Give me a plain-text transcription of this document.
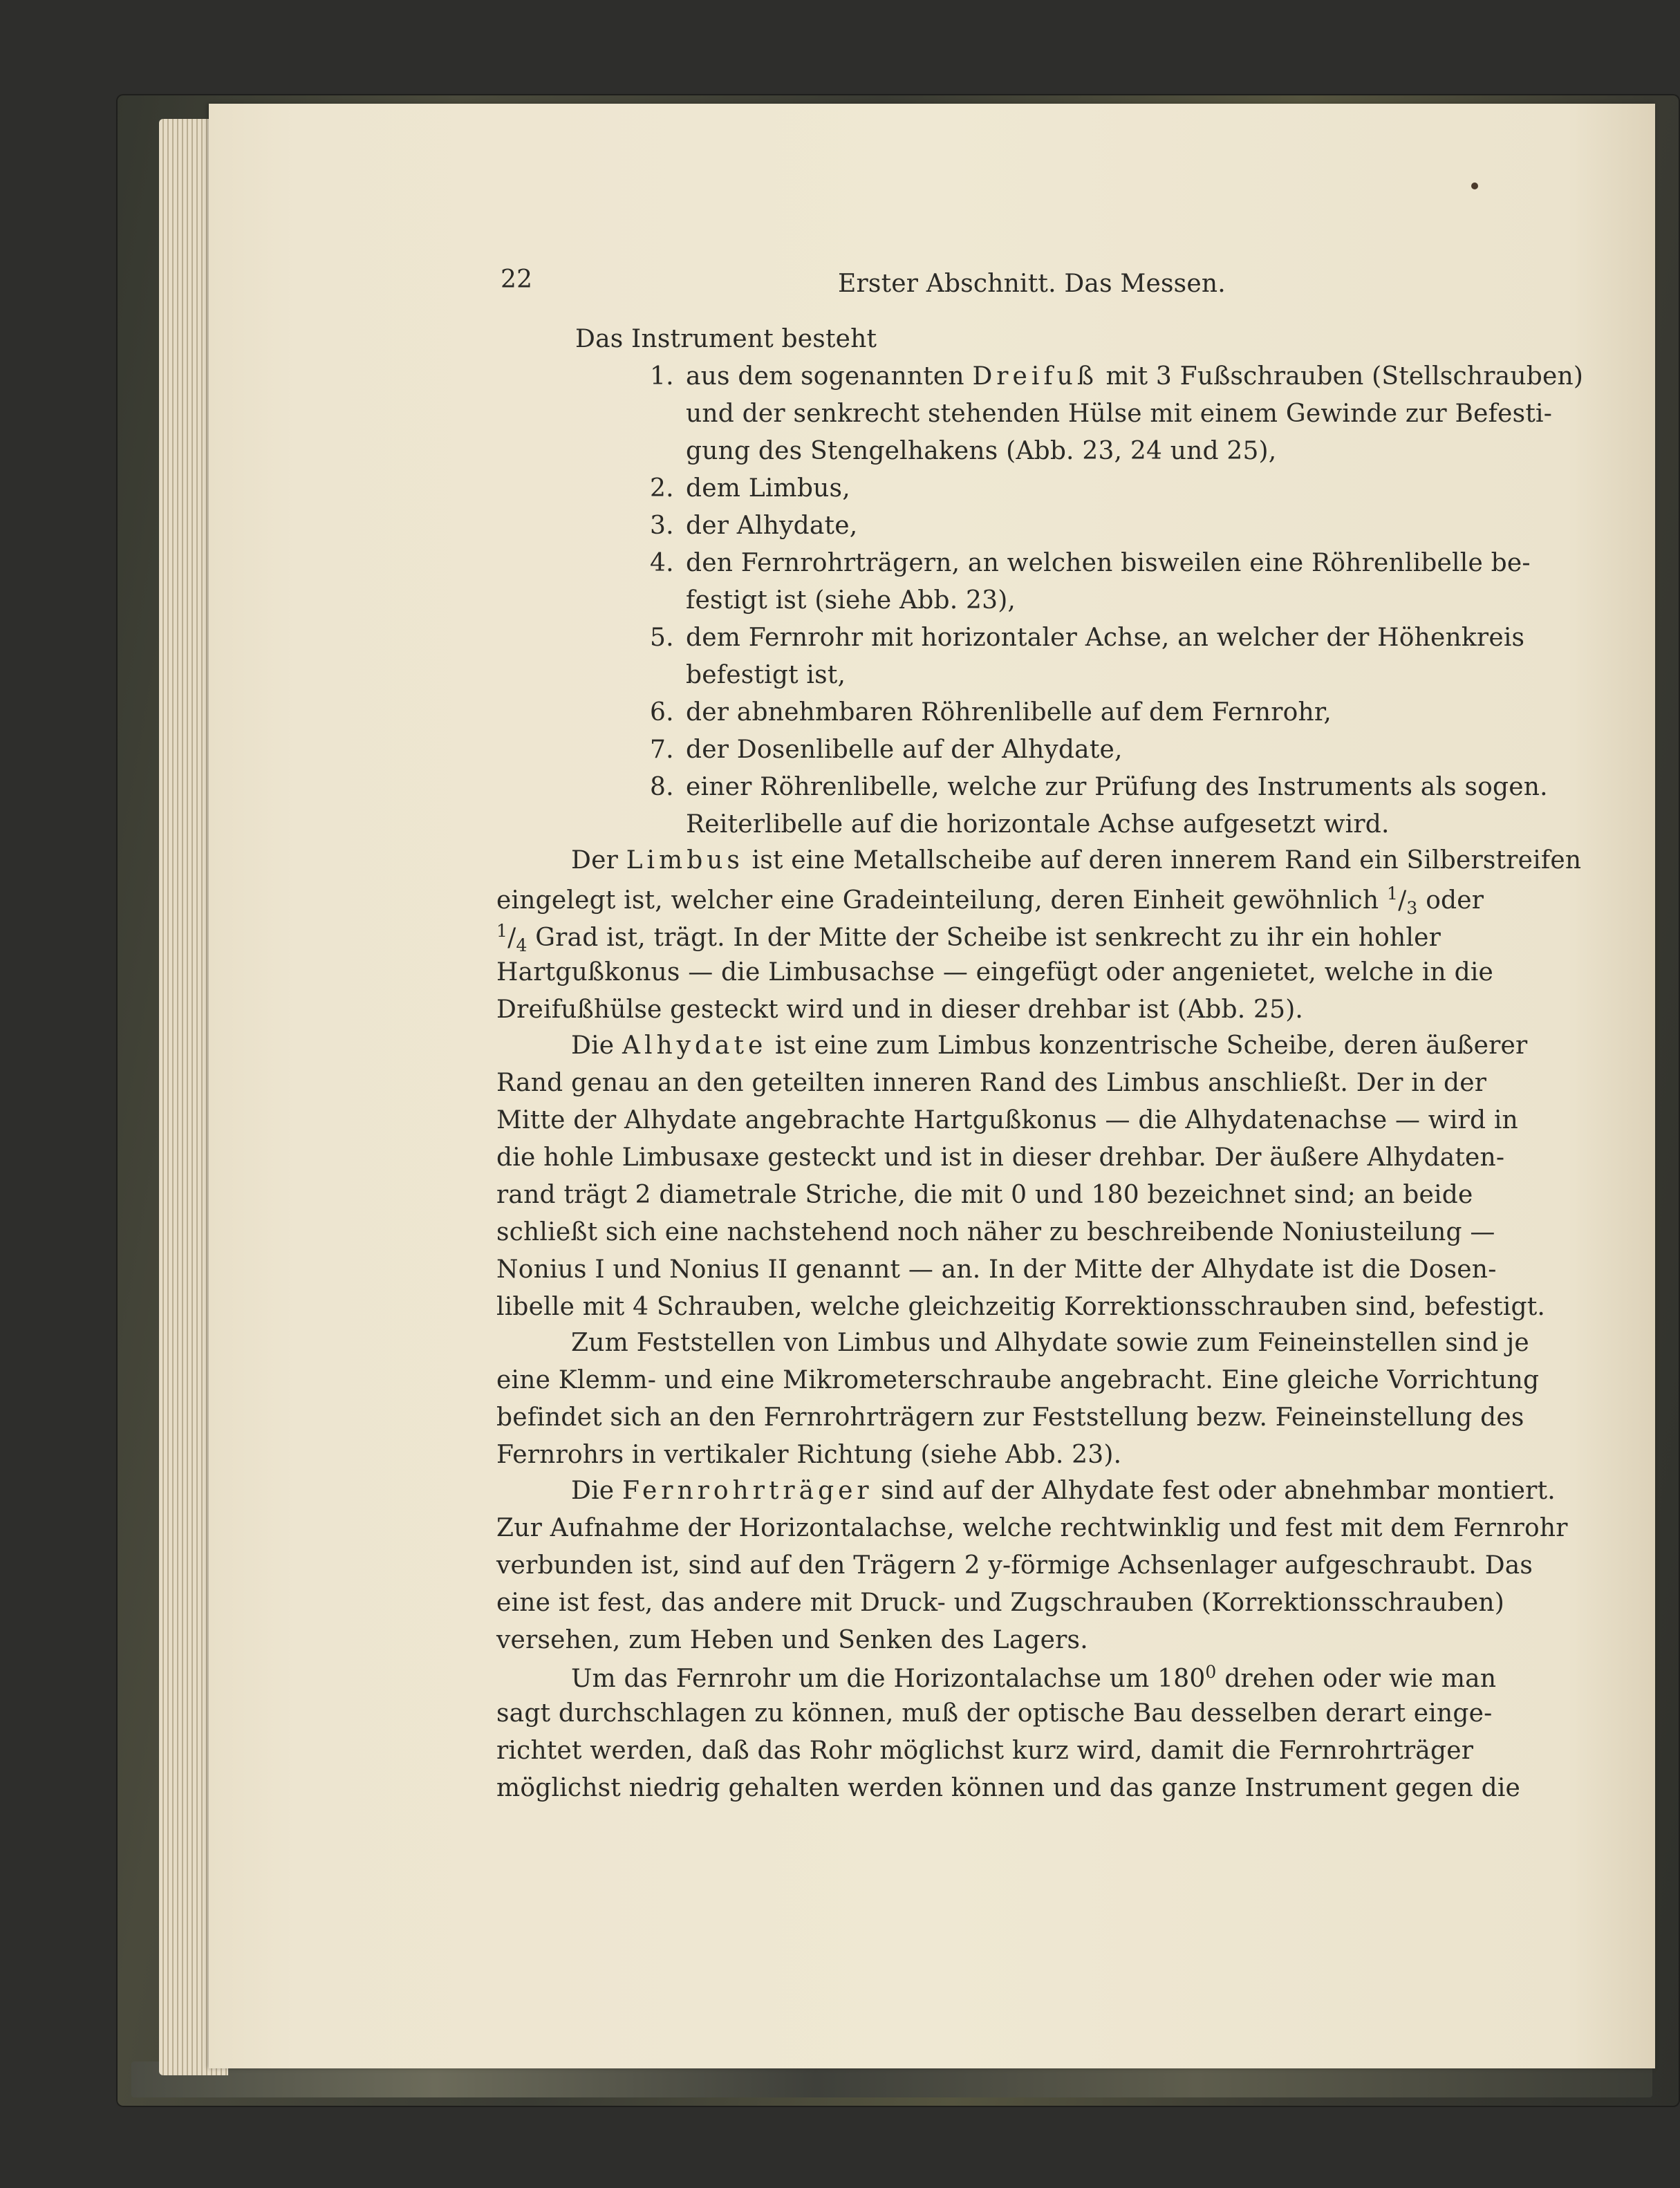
22	Erster Abschnitt. Das Messen.
Das Instrument besteht
1. aus dem sogenannten Dreifuß mit 3 Fußschrauben (Stellschrauben)
und der senkrecht stehenden Hülse mit einem Gewinde zur Befesti-
gung des Stengelhakens (Abb. 23, 24 und 25),
2. dem Limbus,
3. der Alhydate,
4. den Fernrohrträgern, an welchen bisweilen eine Röhrenlibelle be-
festigt ist (siehe Abb. 23),
5. dem Fernrohr mit horizontaler Achse, an welcher der Höhenkreis
befestigt ist,
6. der abnehmbaren Röhrenlibelle auf dem Fernrohr,
7. der Dosenlibelle auf der Alhydate,
8. einer Röhrenlibelle, welche zur Prüfung des Instruments als sogen.
Reiterlibelle auf die horizontale Achse aufgesetzt wird.
Der Limbus ist eine Metallscheibe auf deren innerem Rand ein Silberstreifen
eingelegt ist, welcher eine Gradeinteilung, deren Einheit gewöhnlich $^1/_3$ oder
$^1/_4$ Grad ist, trägt. In der Mitte der Scheibe ist senkrecht zu ihr ein hohler
Hartgußkonus — die Limbusachse — eingefügt oder angenietet, welche in die
Dreifußhülse gesteckt wird und in dieser drehbar ist (Abb. 25).
Die Alhydate ist eine zum Limbus konzentrische Scheibe, deren äußerer
Rand genau an den geteilten inneren Rand des Limbus anschließt. Der in der
Mitte der Alhydate angebrachte Hartgußkonus — die Alhydatenachse — wird in
die hohle Limbusaxe gesteckt und ist in dieser drehbar. Der äußere Alhydaten-
rand trägt 2 diametrale Striche, die mit 0 und 180 bezeichnet sind; an beide
schließt sich eine nachstehend noch näher zu beschreibende Noniusteilung —
Nonius I und Nonius II genannt — an. In der Mitte der Alhydate ist die Dosen-
libelle mit 4 Schrauben, welche gleichzeitig Korrektionsschrauben sind, befestigt.
Zum Feststellen von Limbus und Alhydate sowie zum Feineinstellen sind je
eine Klemm- und eine Mikrometerschraube angebracht. Eine gleiche Vorrichtung
befindet sich an den Fernrohrträgern zur Feststellung bezw. Feineinstellung des
Fernrohrs in vertikaler Richtung (siehe Abb. 23).
Die Fernrohrträger sind auf der Alhydate fest oder abnehmbar montiert.
Zur Aufnahme der Horizontalachse, welche rechtwinklig und fest mit dem Fernrohr
verbunden ist, sind auf den Trägern 2 y-förmige Achsenlager aufgeschraubt. Das
eine ist fest, das andere mit Druck- und Zugschrauben (Korrektionsschrauben)
versehen, zum Heben und Senken des Lagers.
Um das Fernrohr um die Horizontalachse um $180^0$ drehen oder wie man
sagt durchschlagen zu können, muß der optische Bau desselben derart einge-
richtet werden, daß das Rohr möglichst kurz wird, damit die Fernrohrträger
möglichst niedrig gehalten werden können und das ganze Instrument gegen die
